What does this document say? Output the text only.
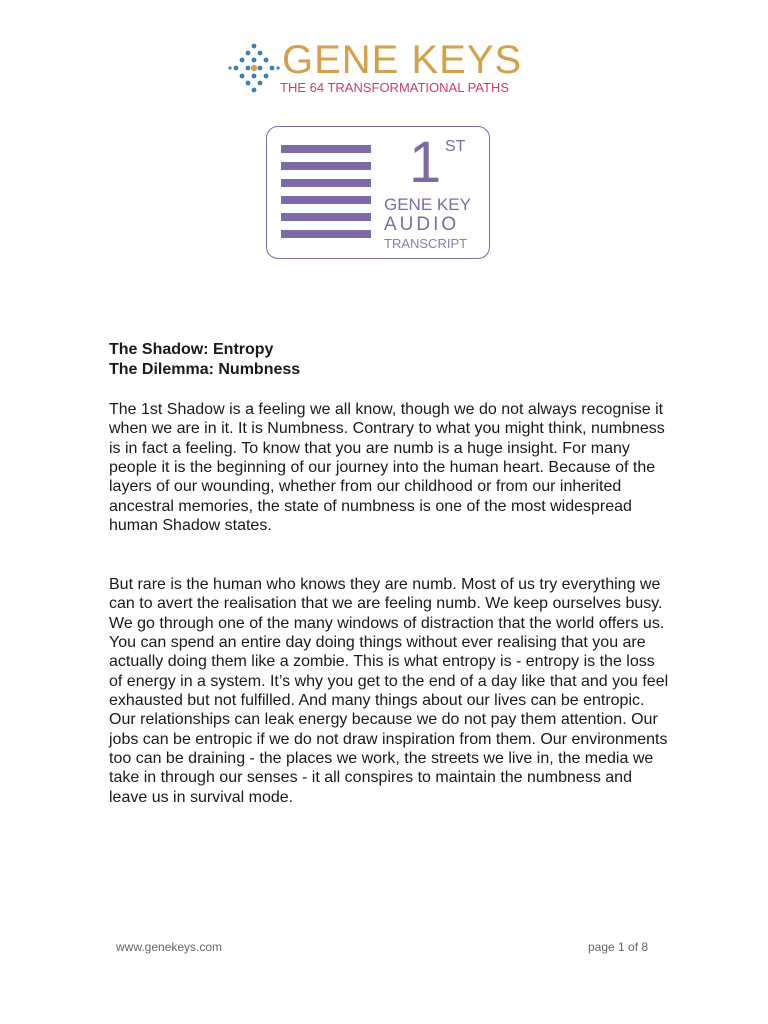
GENE KEYS
THE 64 TRANSFORMATIONAL PATHS
1 ST
GENE KEY
AUDIO
TRANSCRIPT
The Shadow: Entropy
The Dilemma: Numbness

The 1st Shadow is a feeling we all know, though we do not always recognise it when we are in it. It is Numbness. Contrary to what you might think, numbness is in fact a feeling. To know that you are numb is a huge insight. For many people it is the beginning of our journey into the human heart. Because of the layers of our wounding, whether from our childhood or from our inherited ancestral memories, the state of numbness is one of the most widespread human Shadow states.

But rare is the human who knows they are numb. Most of us try everything we can to avert the realisation that we are feeling numb. We keep ourselves busy. We go through one of the many windows of distraction that the world offers us. You can spend an entire day doing things without ever realising that you are actually doing them like a zombie. This is what entropy is - entropy is the loss of energy in a system. It’s why you get to the end of a day like that and you feel exhausted but not fulfilled. And many things about our lives can be entropic. Our relationships can leak energy because we do not pay them attention. Our jobs can be entropic if we do not draw inspiration from them. Our environments too can be draining - the places we work, the streets we live in, the media we take in through our senses - it all conspires to maintain the numbness and leave us in survival mode.

www.genekeys.com	page 1 of 8
